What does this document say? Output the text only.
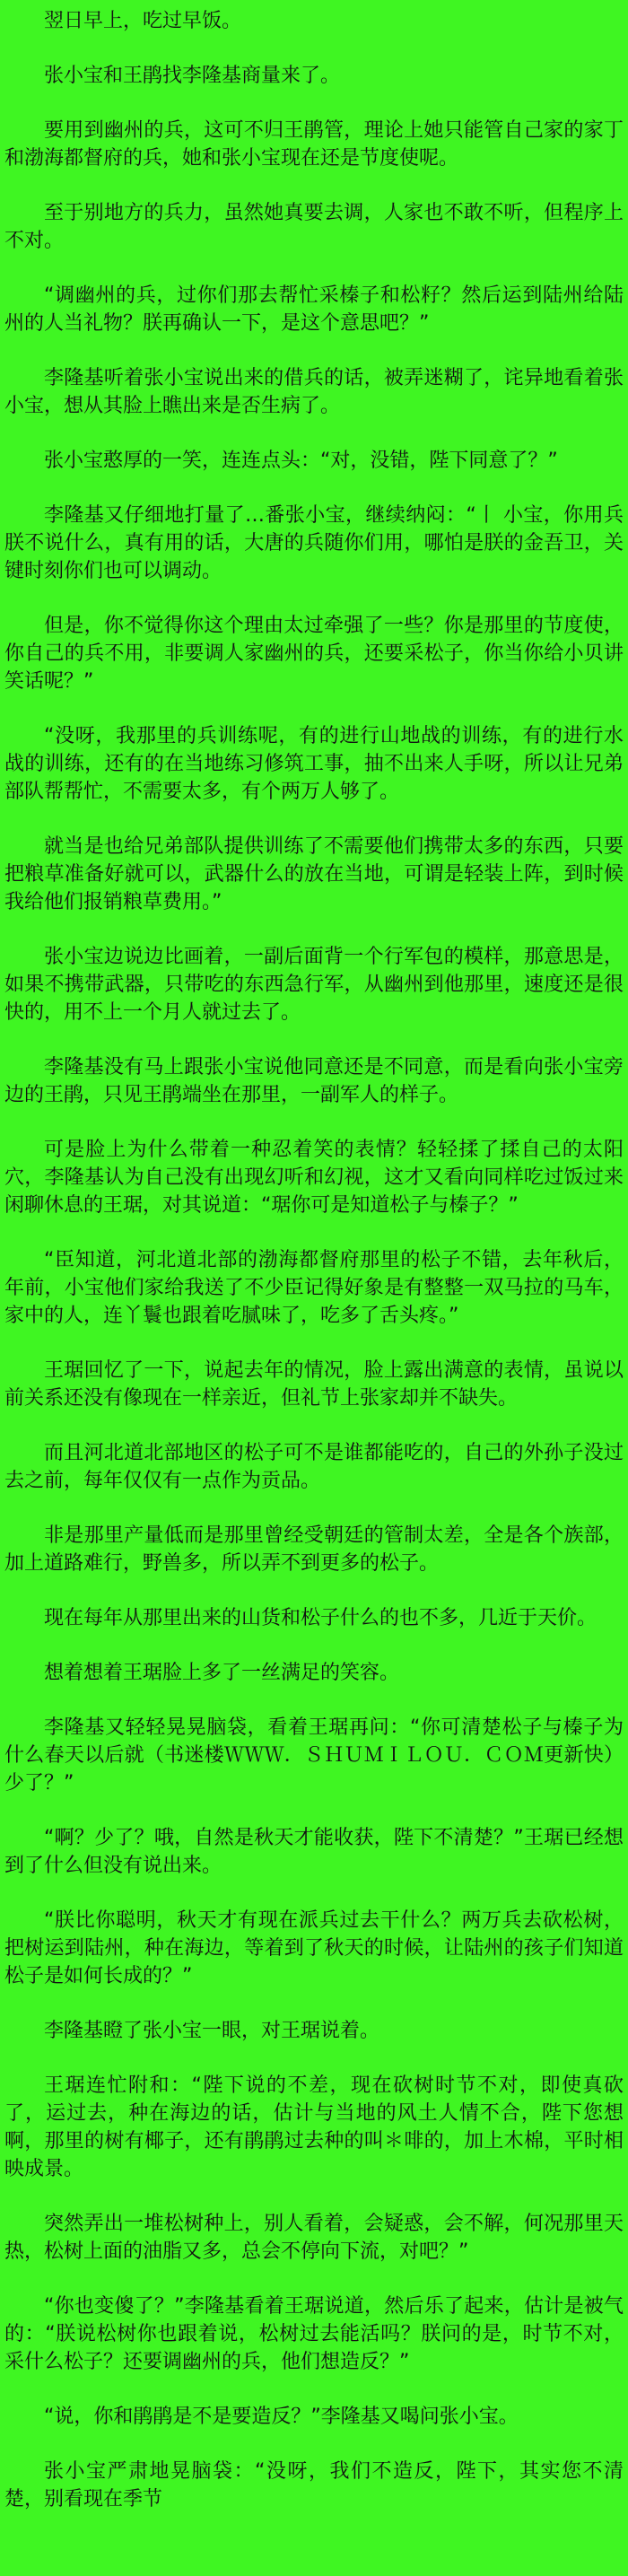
翌日早上，吃过早饭。

张小宝和王鹃找李隆基商量来了。

要用到幽州的兵，这可不归王鹃管，理论上她只能管自己家的家丁和渤海都督府的兵，她和张小宝现在还是节度使呢。

至于别地方的兵力，虽然她真要去调，人家也不敢不听，但程序上不对。

“调幽州的兵，过你们那去帮忙采榛子和松籽？然后运到陆州给陆州的人当礼物？朕再确认一下，是这个意思吧？”

李隆基听着张小宝说出来的借兵的话，被弄迷糊了，诧异地看着张小宝，想从其脸上瞧出来是否生病了。

张小宝憨厚的一笑，连连点头：“对，没错，陛下同意了？”

李隆基又仔细地打量了…番张小宝，继续纳闷：“丨 小宝，你用兵朕不说什么，真有用的话，大唐的兵随你们用，哪怕是朕的金吾卫，关键时刻你们也可以调动。

但是，你不觉得你这个理由太过牵强了一些？你是那里的节度使，你自己的兵不用，非要调人家幽州的兵，还要采松子，你当你给小贝讲笑话呢？”

“没呀，我那里的兵训练呢，有的进行山地战的训练，有的进行水战的训练，还有的在当地练习修筑工事，抽不出来人手呀，所以让兄弟部队帮帮忙，不需要太多，有个两万人够了。

就当是也给兄弟部队提供训练了不需要他们携带太多的东西，只要把粮草准备好就可以，武器什么的放在当地，可谓是轻装上阵，到时候我给他们报销粮草费用。”

张小宝边说边比画着，一副后面背一个行军包的模样，那意思是，如果不携带武器，只带吃的东西急行军，从幽州到他那里，速度还是很快的，用不上一个月人就过去了。

李隆基没有马上跟张小宝说他同意还是不同意，而是看向张小宝旁边的王鹃，只见王鹃端坐在那里，一副军人的样子。

可是脸上为什么带着一种忍着笑的表情？轻轻揉了揉自己的太阳穴，李隆基认为自己没有出现幻听和幻视，这才又看向同样吃过饭过来闲聊休息的王琚，对其说道：“琚你可是知道松子与榛子？”

“臣知道，河北道北部的渤海都督府那里的松子不错，去年秋后，年前，小宝他们家给我送了不少臣记得好象是有整整一双马拉的马车，家中的人，连丫鬟也跟着吃腻味了，吃多了舌头疼。”

王琚回忆了一下，说起去年的情况，脸上露出满意的表情，虽说以前关系还没有像现在一样亲近，但礼节上张家却并不缺失。

而且河北道北部地区的松子可不是谁都能吃的，自己的外孙子没过去之前，每年仅仅有一点作为贡品。

非是那里产量低而是那里曾经受朝廷的管制太差，全是各个族部，加上道路难行，野兽多，所以弄不到更多的松子。

现在每年从那里出来的山货和松子什么的也不多，几近于天价。

想着想着王琚脸上多了一丝满足的笑容。

李隆基又轻轻晃晃脑袋，看着王琚再问：“你可清楚松子与榛子为什么春天以后就（书迷楼ＷＷＷ．ＳＨＵＭＩＬＯＵ．ＣＯＭ更新快）少了？”

“啊？少了？哦，自然是秋天才能收获，陛下不清楚？”王琚已经想到了什么但没有说出来。

“朕比你聪明，秋天才有现在派兵过去干什么？两万兵去砍松树，把树运到陆州，种在海边，等着到了秋天的时候，让陆州的孩子们知道松子是如何长成的？”

李隆基瞪了张小宝一眼，对王琚说着。

王琚连忙附和：“陛下说的不差，现在砍树时节不对，即使真砍了，运过去，种在海边的话，估计与当地的风土人情不合，陛下您想啊，那里的树有椰子，还有鹃鹃过去种的叫＊啡的，加上木棉，平时相映成景。

突然弄出一堆松树种上，别人看着，会疑惑，会不解，何况那里天热，松树上面的油脂又多，总会不停向下流，对吧？”

“你也变傻了？”李隆基看着王琚说道，然后乐了起来，估计是被气的：“朕说松树你也跟着说，松树过去能活吗？朕问的是，时节不对，采什么松子？还要调幽州的兵，他们想造反？”

“说，你和鹃鹃是不是要造反？”李隆基又喝问张小宝。

张小宝严肃地晃脑袋：“没呀，我们不造反，陛下，其实您不清楚，别看现在季节
